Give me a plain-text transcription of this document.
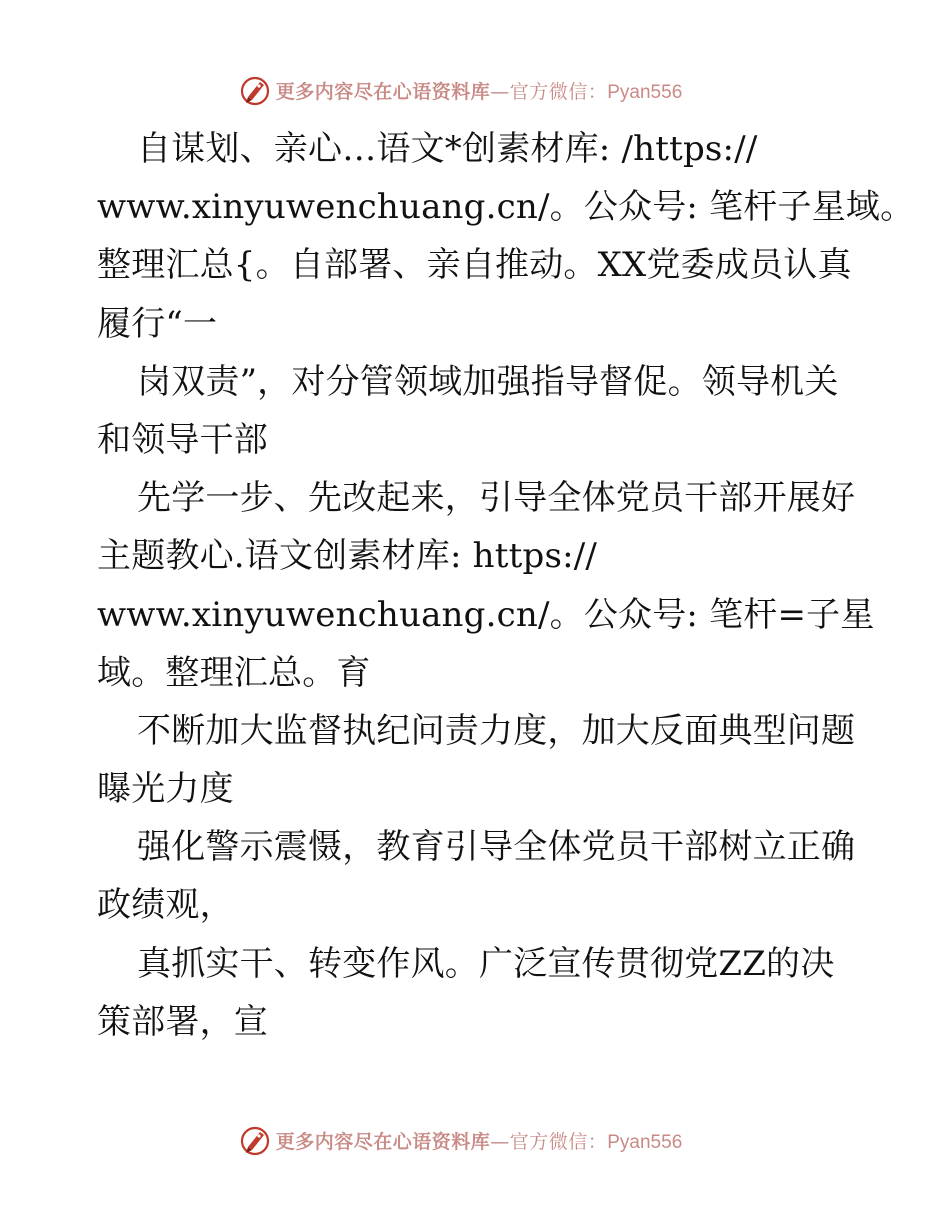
更多内容尽在心语资料库—官方微信：Pyan556
自谋划、亲心…语文*创素材库: /https://
www.xinyuwenchuang.cn/。公众号: 笔杆子星域。
整理汇总{。自部署、亲自推动。XX党委成员认真
履行“一
岗双责”，对分管领域加强指导督促。领导机关
和领导干部
先学一步、先改起来，引导全体党员干部开展好
主题教心.语文创素材库: https://
www.xinyuwenchuang.cn/。公众号: 笔杆=子星
域。整理汇总。育
不断加大监督执纪问责力度，加大反面典型问题
曝光力度
强化警示震慑，教育引导全体党员干部树立正确
政绩观，
真抓实干、转变作风。广泛宣传贯彻党ZZ的决
策部署，宣
更多内容尽在心语资料库—官方微信：Pyan556
